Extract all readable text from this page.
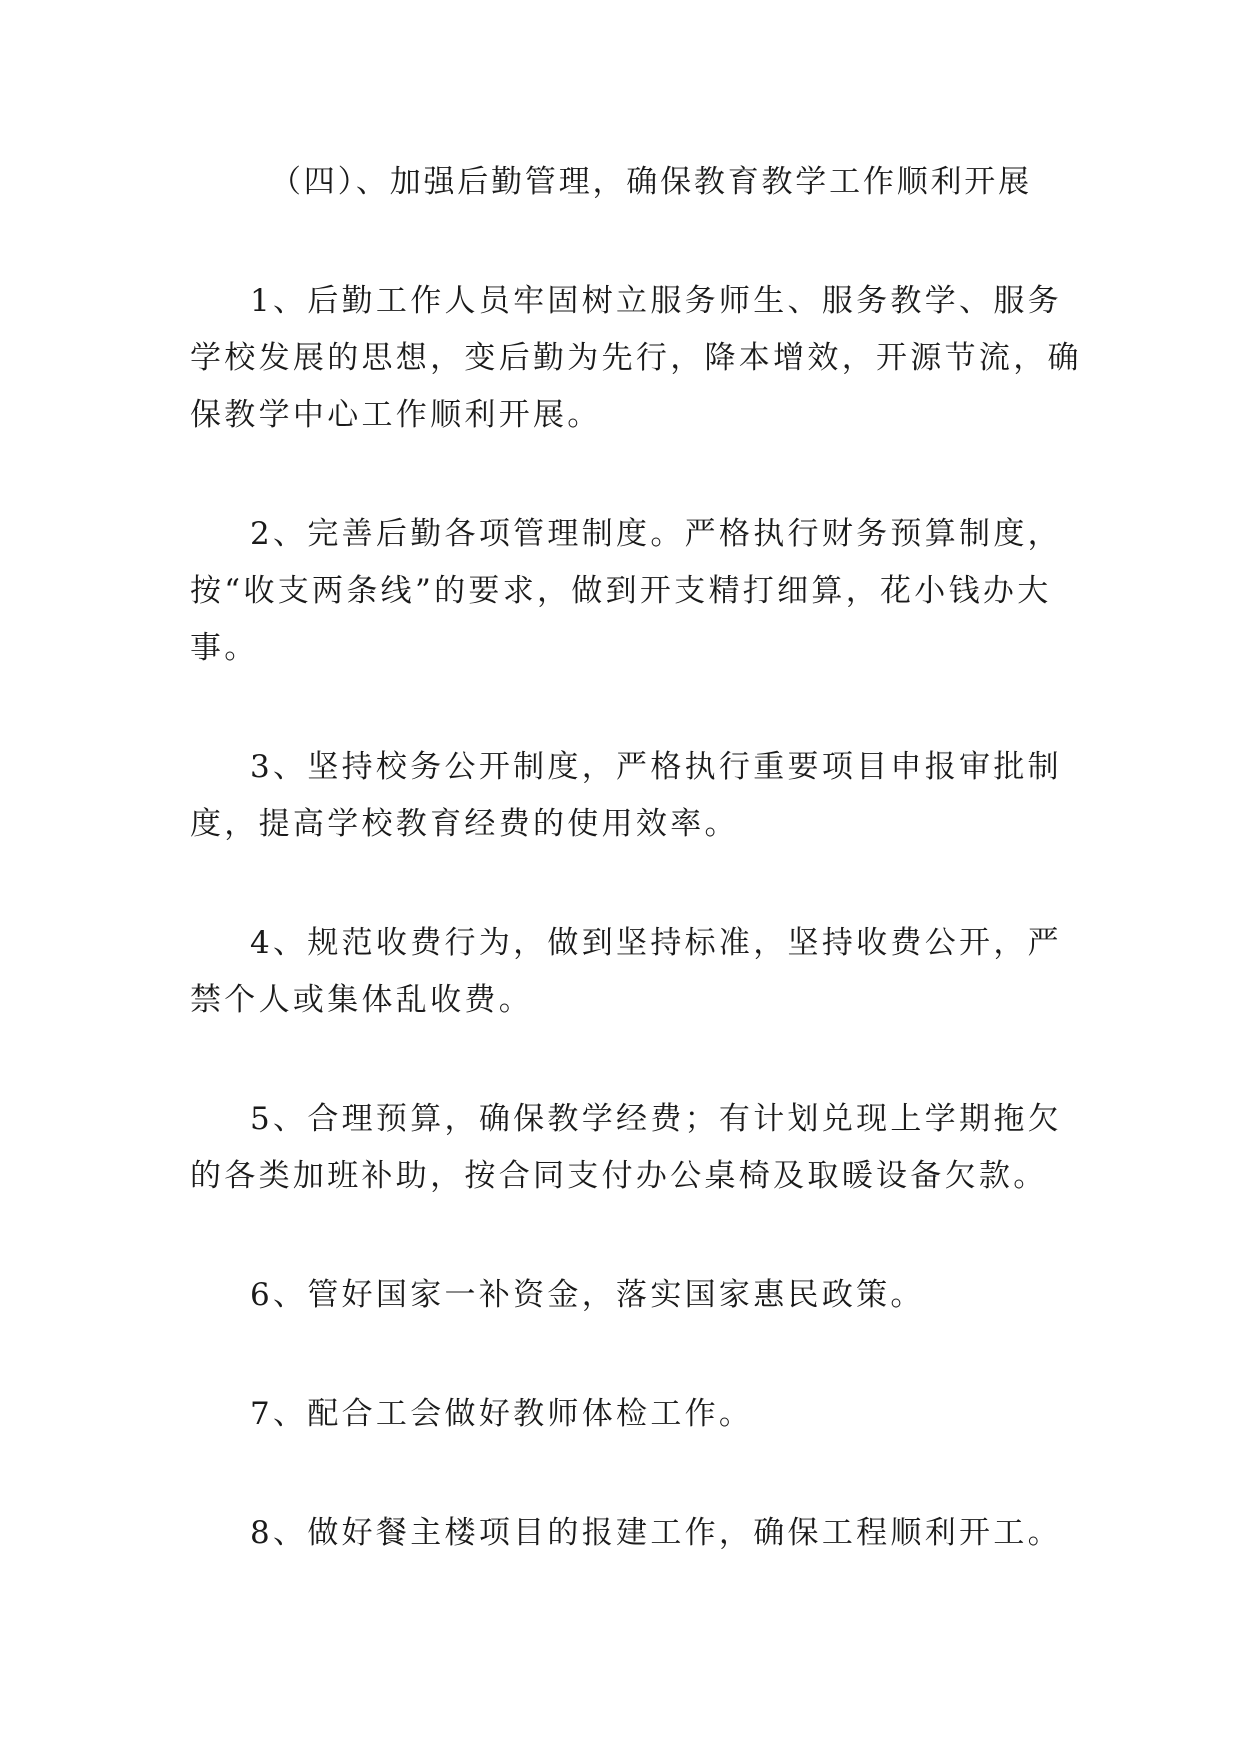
（四）、加强后勤管理，确保教育教学工作顺利开展
1、后勤工作人员牢固树立服务师生、服务教学、服务
学校发展的思想，变后勤为先行，降本增效，开源节流，确
保教学中心工作顺利开展。
2、完善后勤各项管理制度。严格执行财务预算制度，
按“收支两条线”的要求，做到开支精打细算，花小钱办大
事。
3、坚持校务公开制度，严格执行重要项目申报审批制
度，提高学校教育经费的使用效率。
4、规范收费行为，做到坚持标准，坚持收费公开，严
禁个人或集体乱收费。
5、合理预算，确保教学经费；有计划兑现上学期拖欠
的各类加班补助，按合同支付办公桌椅及取暖设备欠款。
6、管好国家一补资金，落实国家惠民政策。
7、配合工会做好教师体检工作。
8、做好餐主楼项目的报建工作，确保工程顺利开工。
